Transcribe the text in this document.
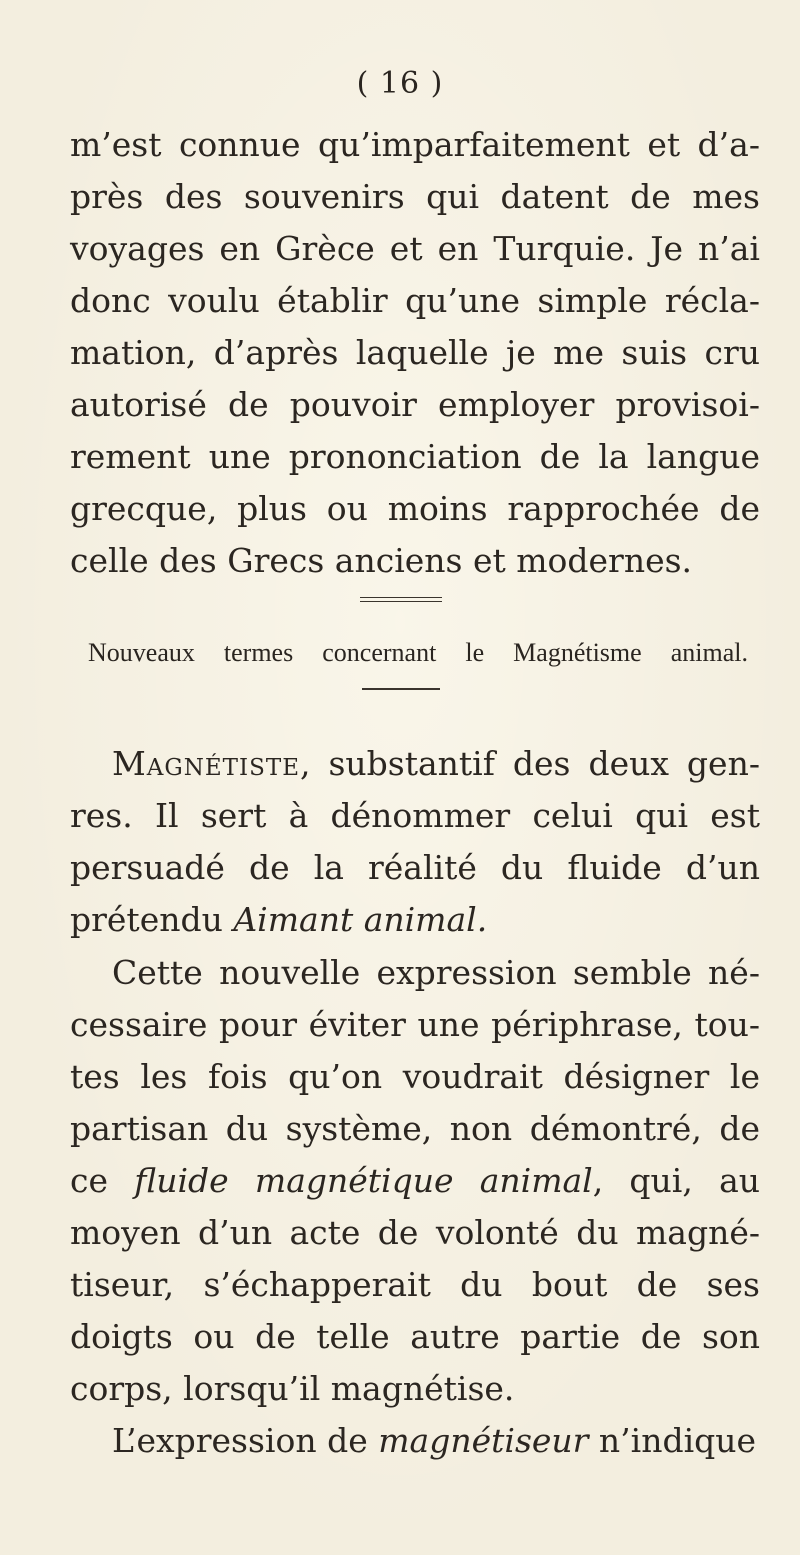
( 16 )
m’est connue qu’imparfaitement et d’a-
près des souvenirs qui datent de mes
voyages en Grèce et en Turquie. Je n’ai
donc voulu établir qu’une simple récla-
mation, d’après laquelle je me suis cru
autorisé de pouvoir employer provisoi-
rement une prononciation de la langue
grecque, plus ou moins rapprochée de
celle des Grecs anciens et modernes.
Nouveaux termes concernant le Magnétisme animal.
Magnétiste, substantif des deux gen-
res. Il sert à dénommer celui qui est
persuadé de la réalité du fluide d’un
prétendu Aimant animal.
Cette nouvelle expression semble né-
cessaire pour éviter une périphrase, tou-
tes les fois qu’on voudrait désigner le
partisan du système, non démontré, de
ce fluide magnétique animal, qui, au
moyen d’un acte de volonté du magné-
tiseur, s’échapperait du bout de ses
doigts ou de telle autre partie de son
corps, lorsqu’il magnétise.
L’expression de magnétiseur n’indique
